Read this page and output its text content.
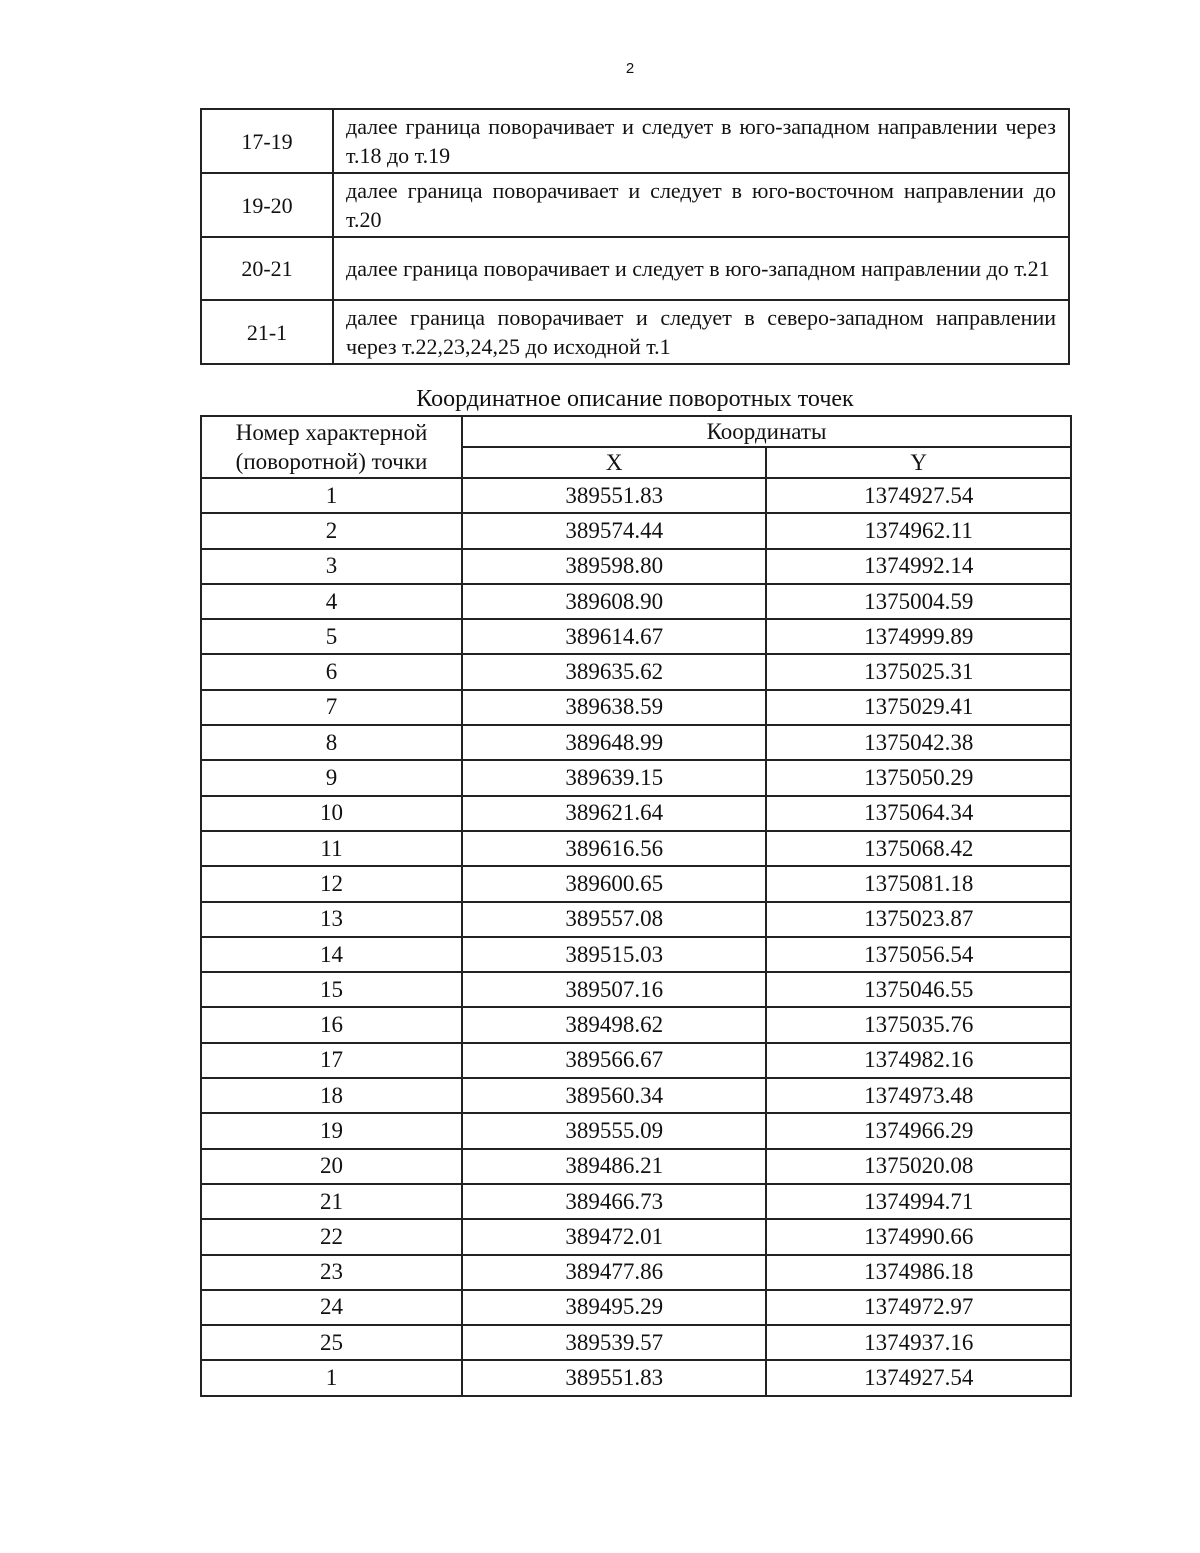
2
17-19	далее граница поворачивает и следует в юго-западном направлении через т.18 до т.19
19-20	далее граница поворачивает и следует в юго-восточном направлении до т.20
20-21	далее граница поворачивает и следует в юго-западном направлении до т.21
21-1	далее граница поворачивает и следует в северо-западном направлении через т.22,23,24,25 до исходной т.1
Координатное описание поворотных точек
Номер характерной (поворотной) точки	Координаты	
	X	Y
1	389551.83	1374927.54
2	389574.44	1374962.11
3	389598.80	1374992.14
4	389608.90	1375004.59
5	389614.67	1374999.89
6	389635.62	1375025.31
7	389638.59	1375029.41
8	389648.99	1375042.38
9	389639.15	1375050.29
10	389621.64	1375064.34
11	389616.56	1375068.42
12	389600.65	1375081.18
13	389557.08	1375023.87
14	389515.03	1375056.54
15	389507.16	1375046.55
16	389498.62	1375035.76
17	389566.67	1374982.16
18	389560.34	1374973.48
19	389555.09	1374966.29
20	389486.21	1375020.08
21	389466.73	1374994.71
22	389472.01	1374990.66
23	389477.86	1374986.18
24	389495.29	1374972.97
25	389539.57	1374937.16
1	389551.83	1374927.54
